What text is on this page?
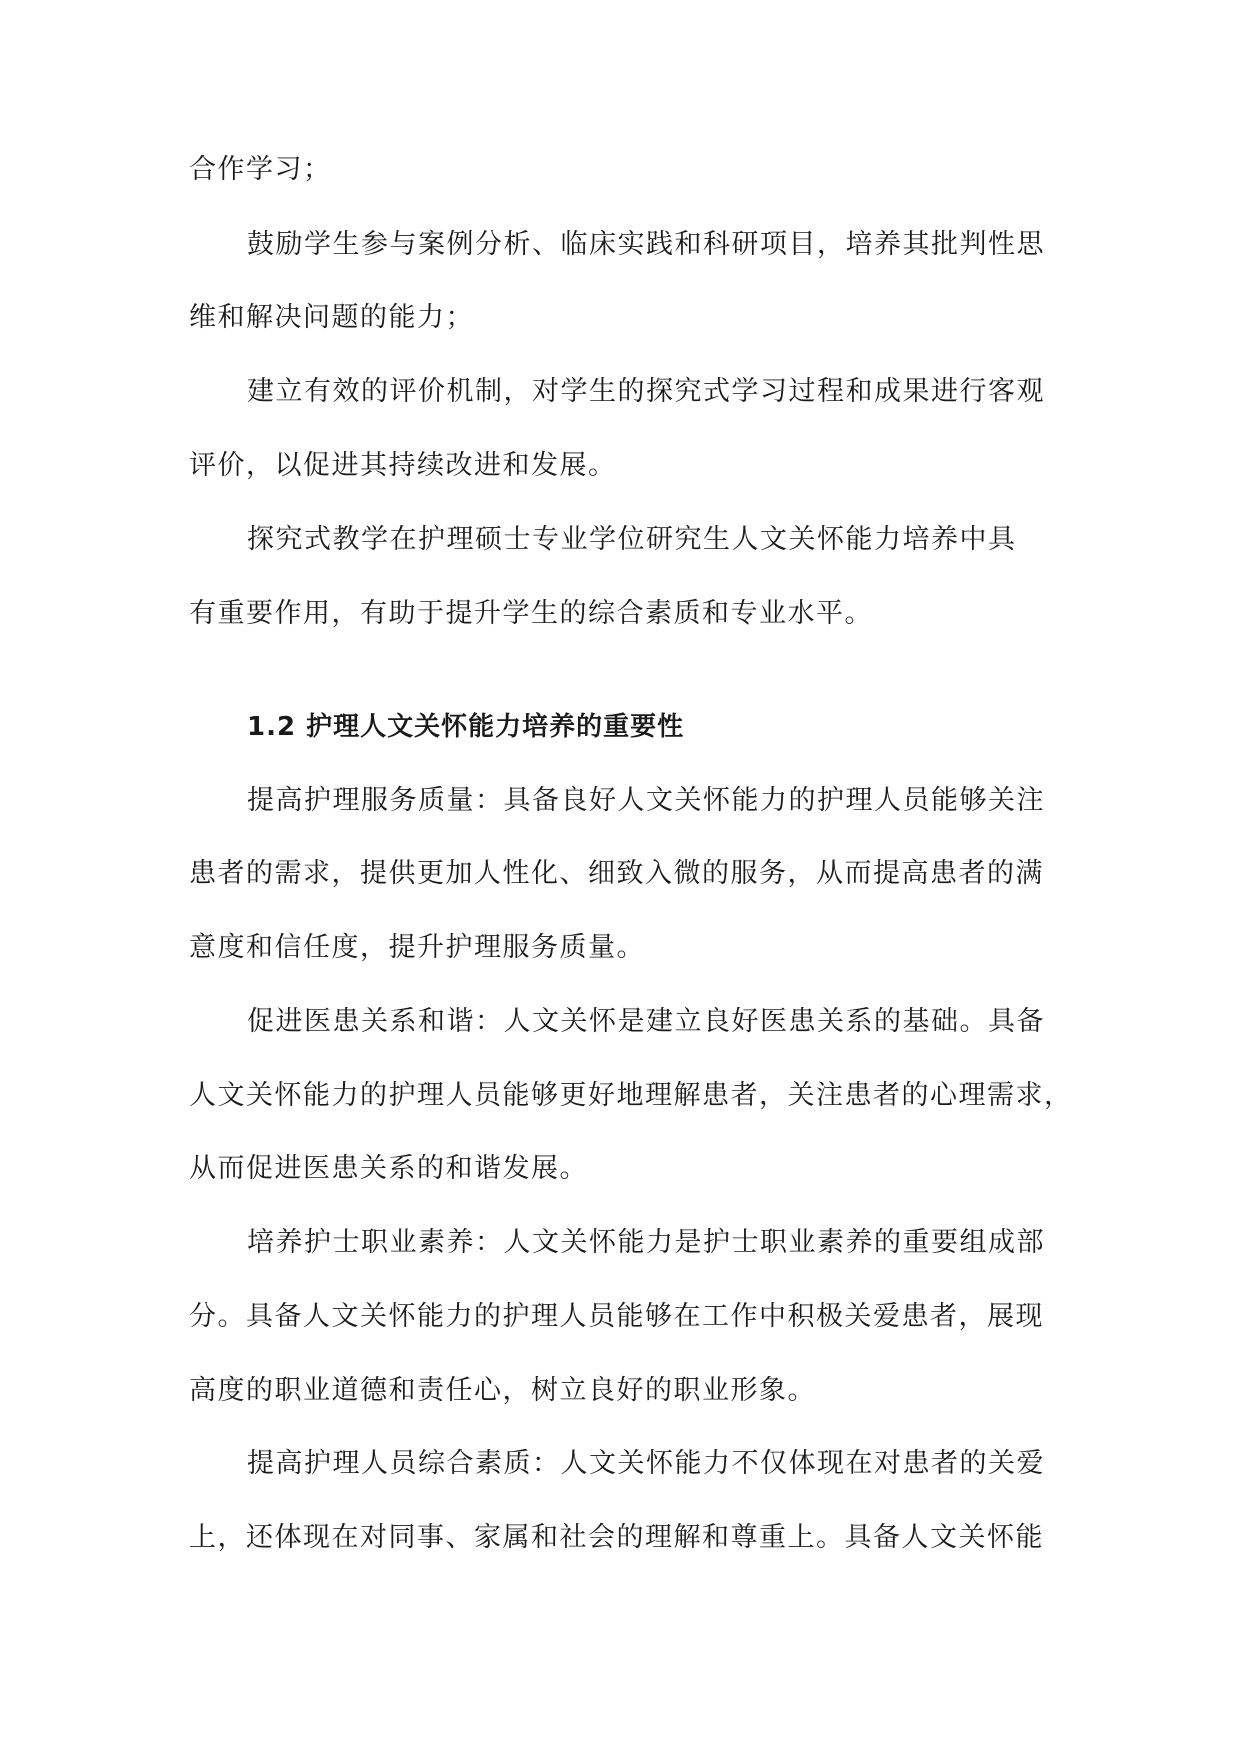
合作学习；
鼓励学生参与案例分析、临床实践和科研项目，培养其批判性思
维和解决问题的能力；
建立有效的评价机制，对学生的探究式学习过程和成果进行客观
评价，以促进其持续改进和发展。
探究式教学在护理硕士专业学位研究生人文关怀能力培养中具
有重要作用，有助于提升学生的综合素质和专业水平。
1.2 护理人文关怀能力培养的重要性
提高护理服务质量：具备良好人文关怀能力的护理人员能够关注
患者的需求，提供更加人性化、细致入微的服务，从而提高患者的满
意度和信任度，提升护理服务质量。
促进医患关系和谐：人文关怀是建立良好医患关系的基础。具备
人文关怀能力的护理人员能够更好地理解患者，关注患者的心理需求，
从而促进医患关系的和谐发展。
培养护士职业素养：人文关怀能力是护士职业素养的重要组成部
分。具备人文关怀能力的护理人员能够在工作中积极关爱患者，展现
高度的职业道德和责任心，树立良好的职业形象。
提高护理人员综合素质：人文关怀能力不仅体现在对患者的关爱
上，还体现在对同事、家属和社会的理解和尊重上。具备人文关怀能
